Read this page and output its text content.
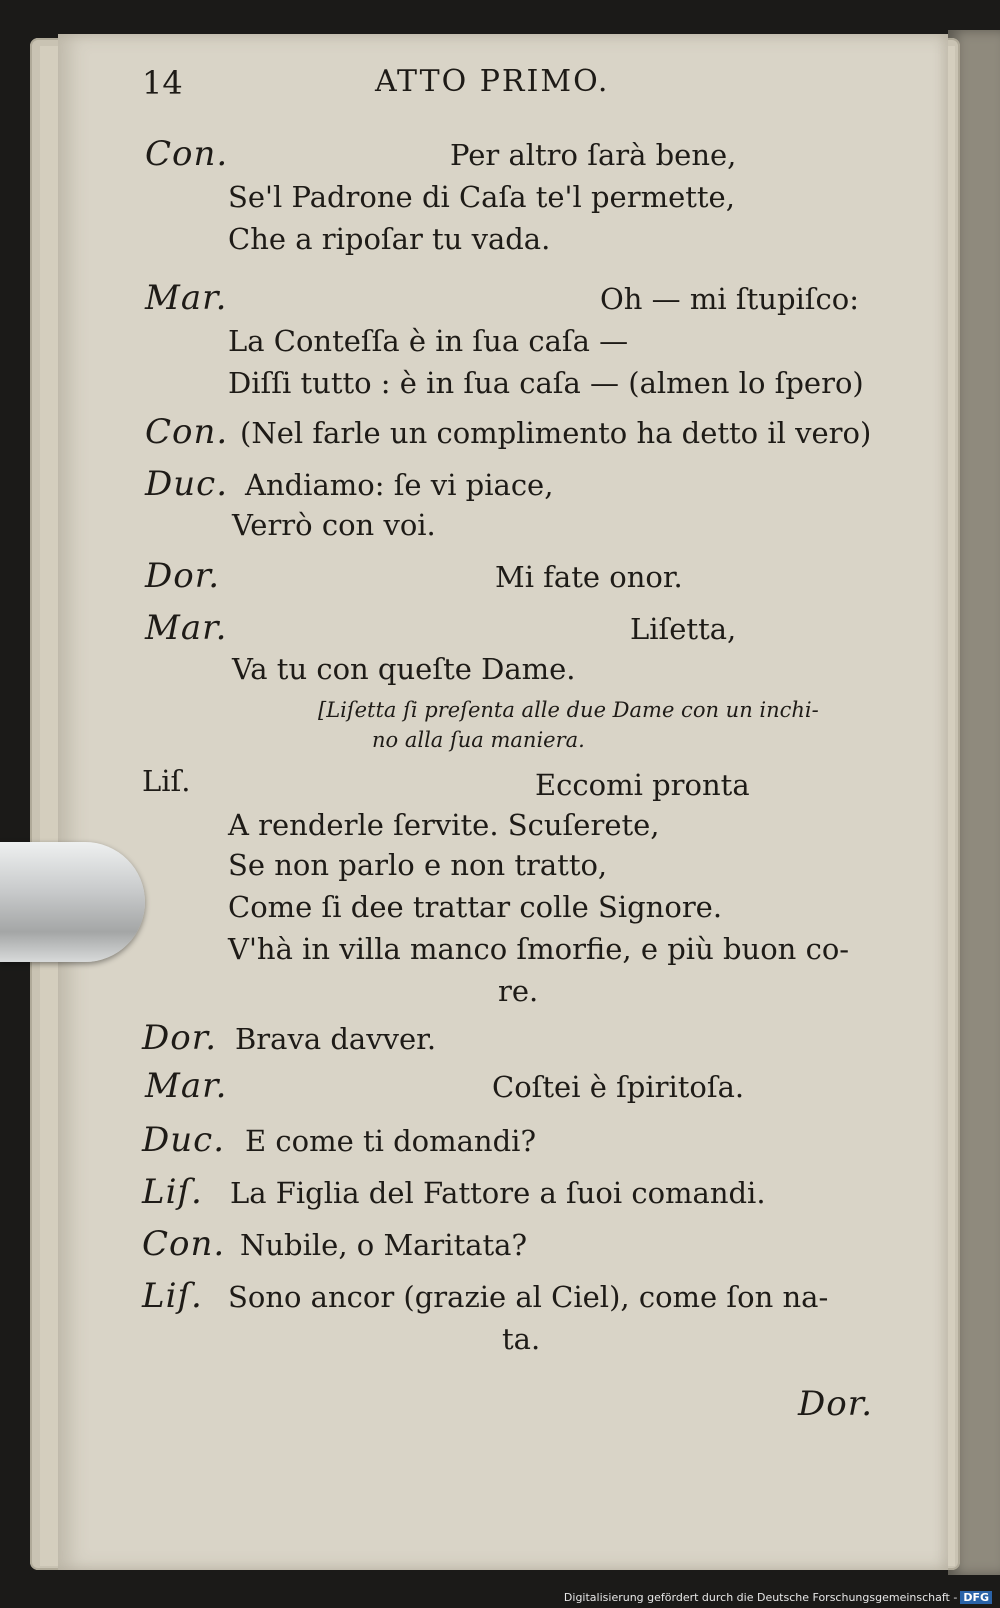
14	ATTO PRIMO.
Con.	Per altro ſarà bene,
Se'l Padrone di Caſa te'l permette,
Che a ripoſar tu vada.
Mar.	Oh — mi ſtupiſco:
La Conteſſa è in ſua caſa —
Diſſi tutto : è in ſua caſa — (almen lo ſpero)
Con. (Nel farle un complimento ha detto il vero)
Duc. Andiamo: ſe vi piace,
Verrò con voi.
Dor.	Mi fate onor.
Mar.	Liſetta,
Va tu con queſte Dame.
[Liſetta ſi preſenta alle due Dame con un inchi-
no alla ſua maniera.
Liſ.	Eccomi pronta
A renderle ſervite. Scuſerete,
Se non parlo e non tratto,
Come ſi dee trattar colle Signore.
V'hà in villa manco ſmorfie, e più buon co-
re.
Dor. Brava davver.
Mar.	Coſtei è ſpiritoſa.
Duc. E come ti domandi?
Liſ. La Figlia del Fattore a ſuoi comandi.
Con. Nubile, o Maritata?
Liſ. Sono ancor (grazie al Ciel), come ſon na-
ta.
Dor.
Digitalisierung gefördert durch die Deutsche Forschungsgemeinschaft - DFG
